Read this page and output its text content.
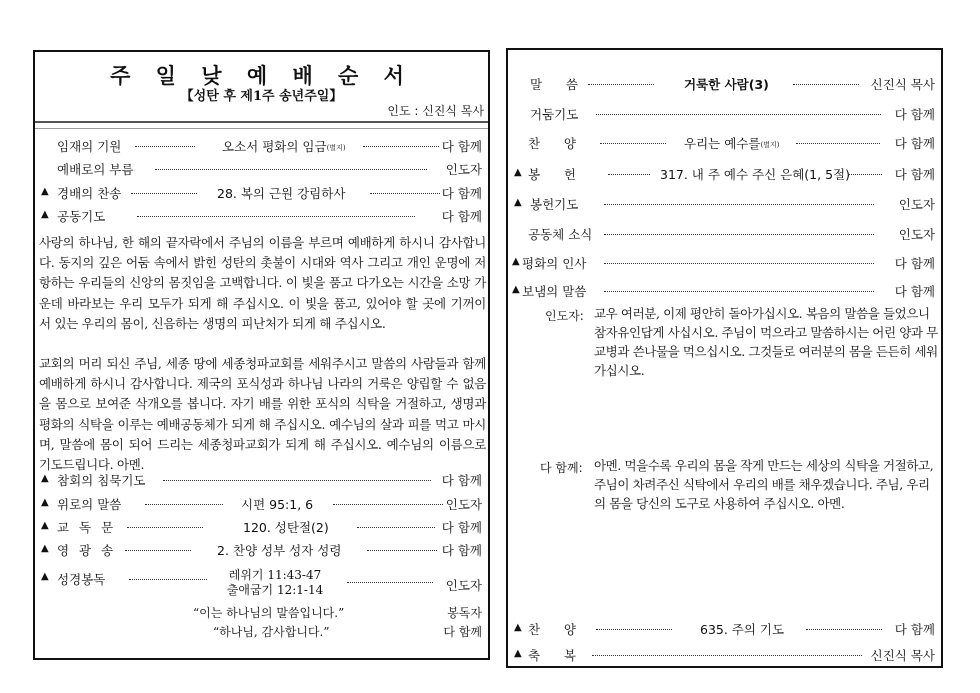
주 일 낮 예 배 순 서
【성탄 후 제1주 송년주일】
인도 : 신진식 목사
임재의 기원	오소서 평화의 임금(별지)	다 함께
예배로의 부름	인도자
▲ 경배의 찬송	28. 복의 근원 강림하사	다 함께
▲ 공동기도	다 함께
사랑의 하나님, 한 해의 끝자락에서 주님의 이름을 부르며 예배하게 하시니 감사합니다. 동지의 깊은 어둠 속에서 밝힌 성탄의 촛불이 시대와 역사 그리고 개인 운명에 저항하는 우리들의 신앙의 몸짓임을 고백합니다. 이 빛을 품고 다가오는 시간을 소망 가운데 바라보는 우리 모두가 되게 해 주십시오. 이 빛을 품고, 있어야 할 곳에 기꺼이 서 있는 우리의 몸이, 신음하는 생명의 피난처가 되게 해 주십시오.
교회의 머리 되신 주님, 세종 땅에 세종청파교회를 세워주시고 말씀의 사람들과 함께 예배하게 하시니 감사합니다. 제국의 포식성과 하나님 나라의 거룩은 양립할 수 없음을 몸으로 보여준 삭개오를 봅니다. 자기 배를 위한 포식의 식탁을 거절하고, 생명과 평화의 식탁을 이루는 예배공동체가 되게 해 주십시오. 예수님의 살과 피를 먹고 마시며, 말씀에 몸이 되어 드리는 세종청파교회가 되게 해 주십시오. 예수님의 이름으로 기도드립니다. 아멘.
▲ 참회의 침묵기도	다 함께
▲ 위로의 말씀	시편 95:1, 6	인도자
▲ 교 독 문	120. 성탄절(2)	다 함께
▲ 영 광 송	2. 찬양 성부 성자 성령	다 함께
▲ 성경봉독	레위기 11:43-47
출애굽기 12:1-14	인도자
“이는 하나님의 말씀입니다.”	봉독자
“하나님, 감사합니다.”	다 함께
말      씀	거룩한 사람(3)	신진식 목사
거둠기도	다 함께
찬      양	우리는 예수를(별지)	다 함께
▲ 봉      헌	317. 내 주 예수 주신 은혜(1, 5절)	다 함께
▲ 봉헌기도	인도자
공동체 소식	인도자
▲ 평화의 인사	다 함께
▲ 보냄의 말씀	다 함께
인도자: 교우 여러분, 이제 평안히 돌아가십시오. 복음의 말씀을 들었으니 참자유인답게 사십시오. 주님이 먹으라고 말씀하시는 어린 양과 무교병과 쓴나물을 먹으십시오. 그것들로 여러분의 몸을 든든히 세워가십시오.
다 함께: 아멘. 먹을수록 우리의 몸을 작게 만드는 세상의 식탁을 거절하고, 주님이 차려주신 식탁에서 우리의 배를 채우겠습니다. 주님, 우리의 몸을 당신의 도구로 사용하여 주십시오. 아멘.
▲ 찬      양	635. 주의 기도	다 함께
▲ 축      복	신진식 목사
